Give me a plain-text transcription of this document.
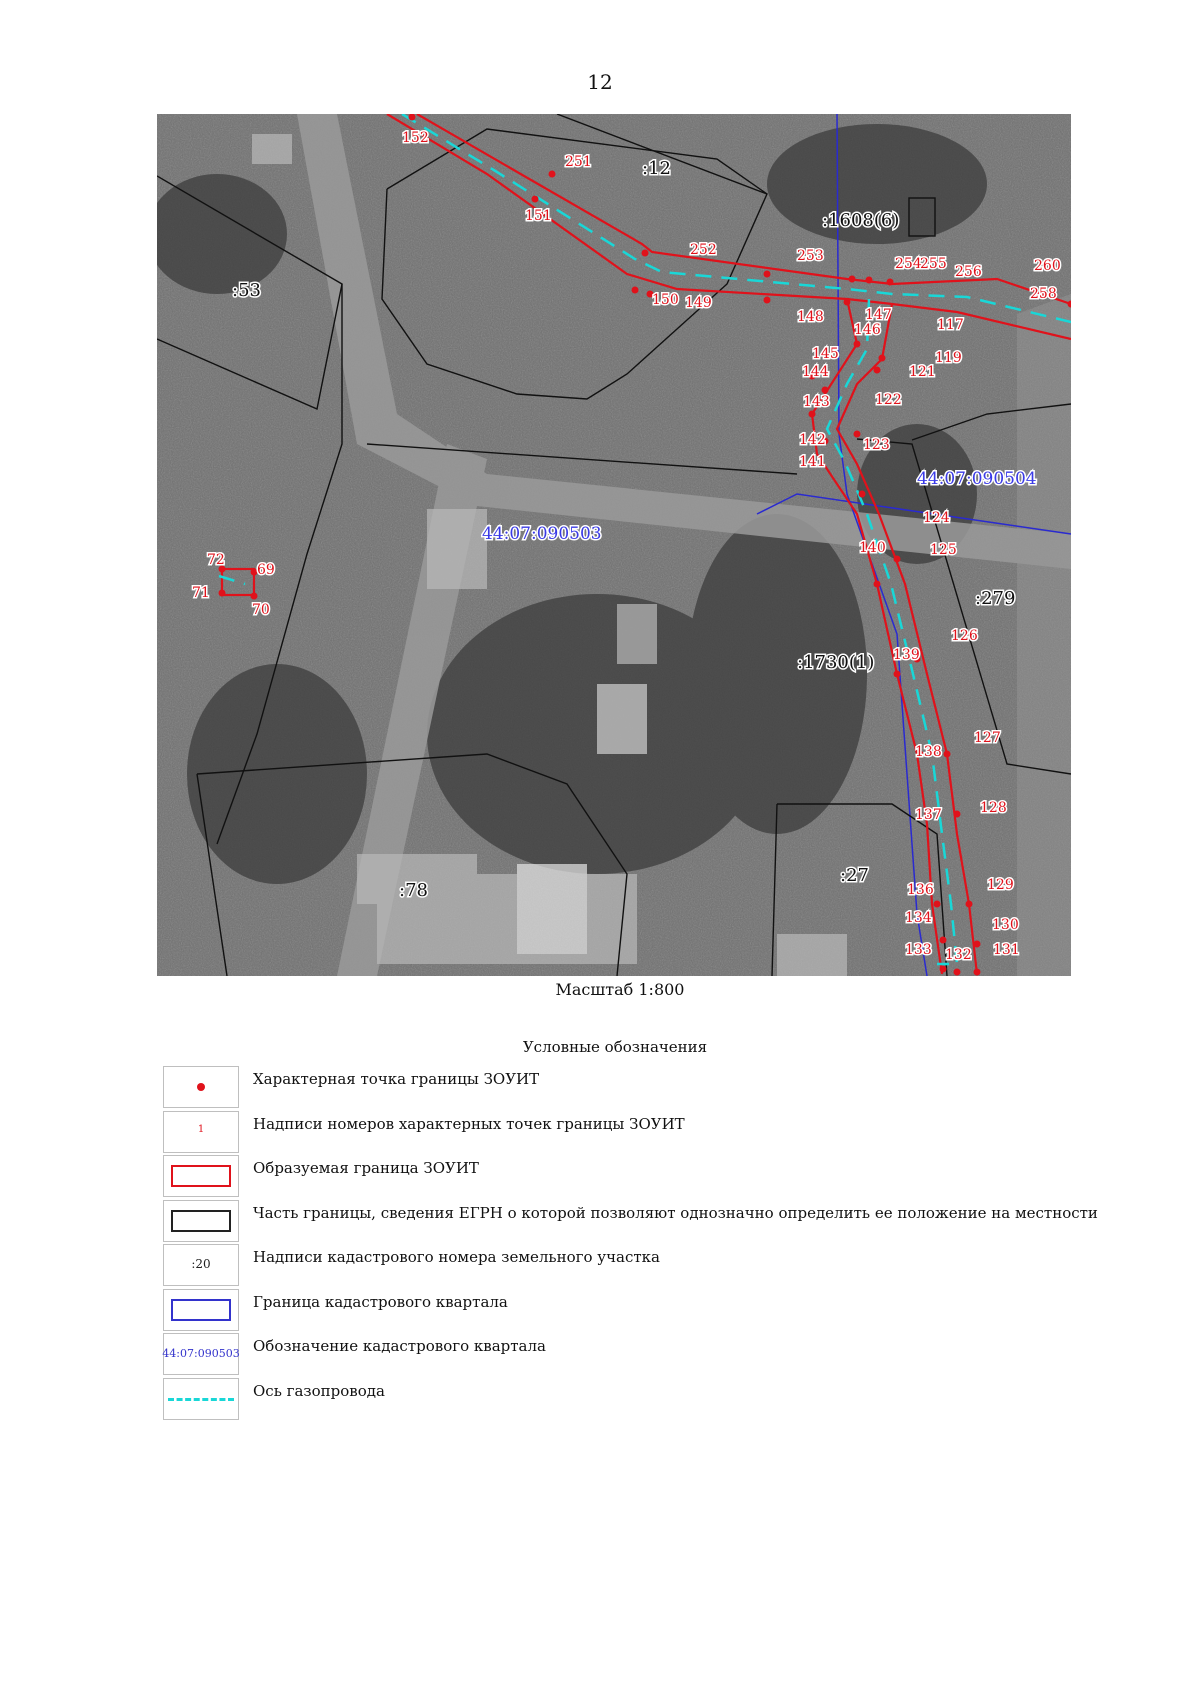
12
44:07:090503
44:07:090504
:12
:1608(6)
:53
:279
:1730(1)
:27
:78
152
251
151
252	253	254
255 256	260
258
150 149
148	147
146	117
119
121
145
144
143	122
142	123
141
124
125
140
126
139
127
138
128
137
129
136
134	130
133 132 131
72
69
71
70
Масштаб 1:800
Условные обозначения
Характерная точка границы ЗОУИТ
1	Надписи номеров характерных точек границы ЗОУИТ
Образуемая граница ЗОУИТ
Часть границы, сведения ЕГРН о которой позволяют однозначно определить ее положение на местности
:20	Надписи кадастрового номера земельного участка
Граница кадастрового квартала
44:07:090503 Обозначение кадастрового квартала
Ось газопровода
